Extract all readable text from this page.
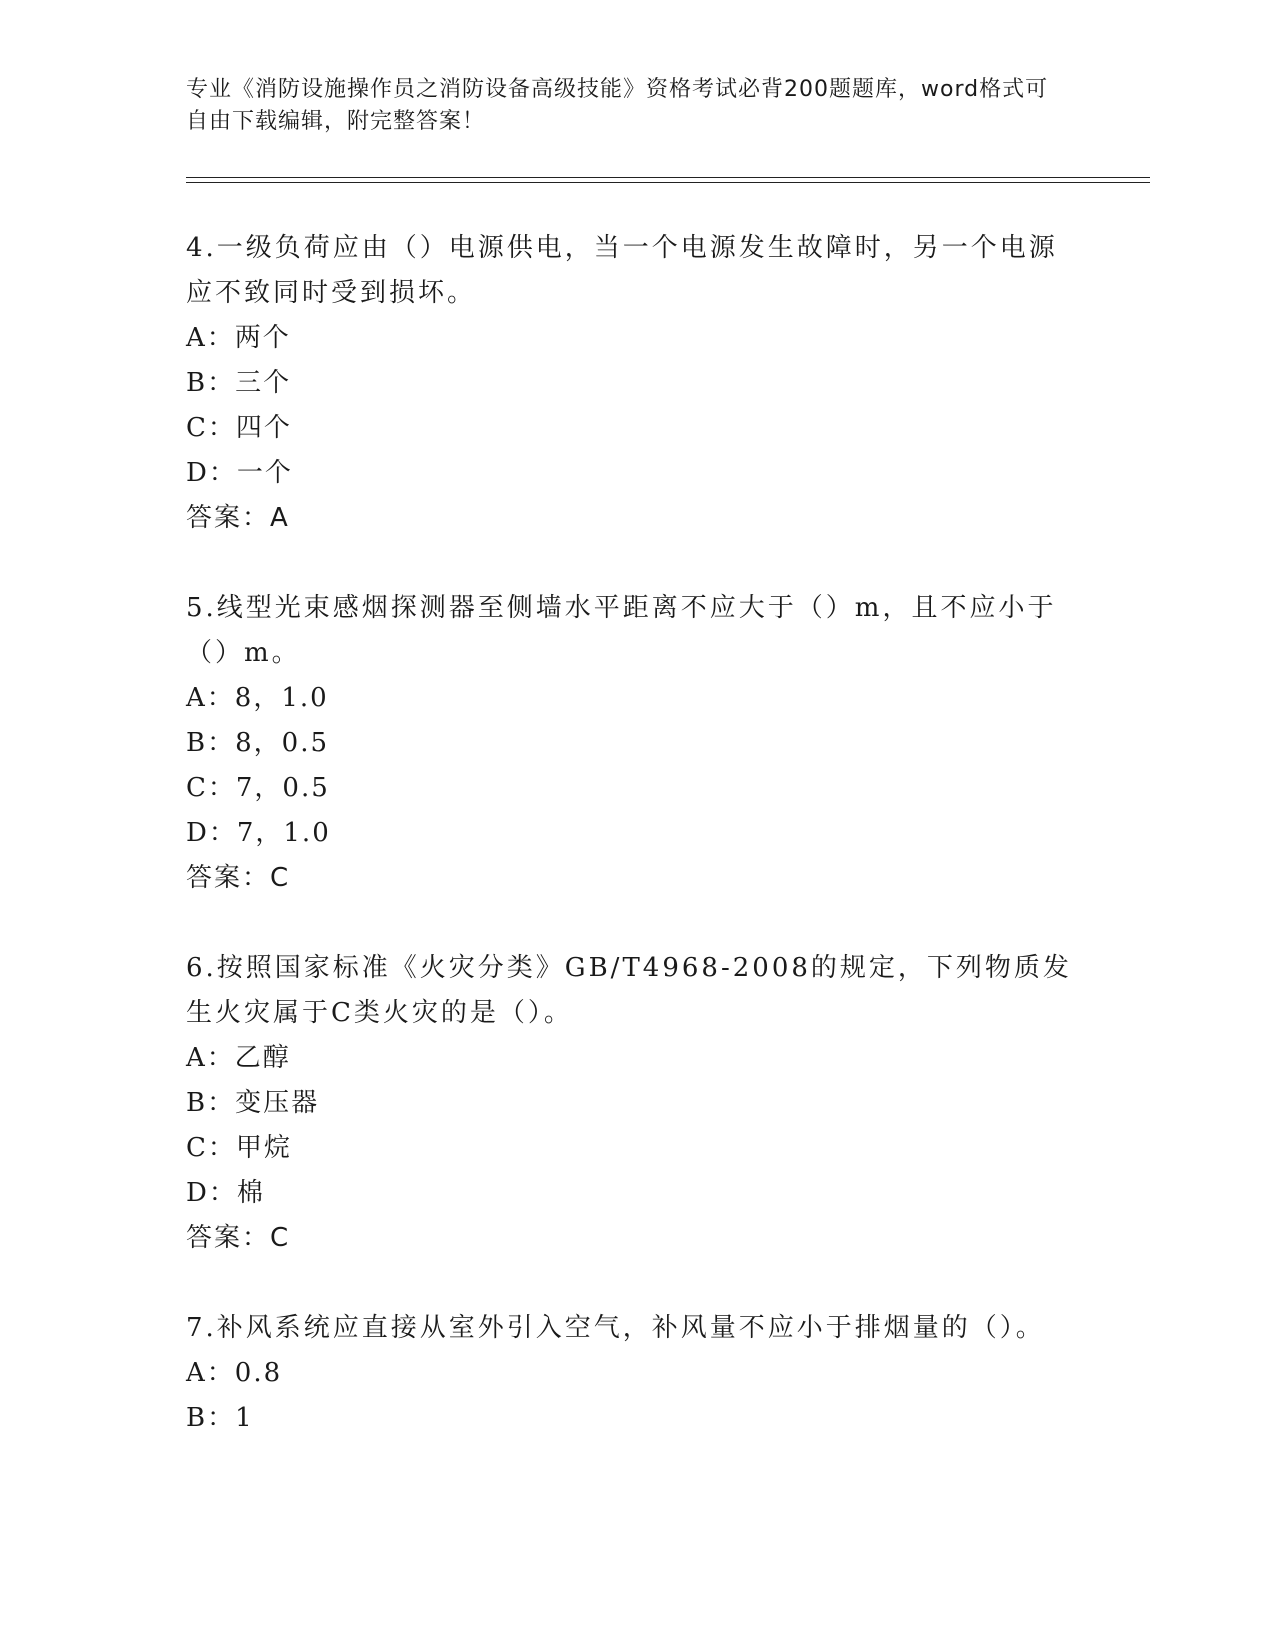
专业《消防设施操作员之消防设备高级技能》资格考试必背200题题库，word格式可自由下载编辑，附完整答案！

4.一级负荷应由（）电源供电，当一个电源发生故障时，另一个电源应不致同时受到损坏。

A：两个

B：三个

C：四个

D：一个

答案：A

5.线型光束感烟探测器至侧墙水平距离不应大于（）m，且不应小于（）m。

A：8，1.0

B：8，0.5

C：7，0.5

D：7，1.0

答案：C

6.按照国家标准《火灾分类》GB/T4968-2008的规定，下列物质发生火灾属于C类火灾的是（）。

A：乙醇

B：变压器

C：甲烷

D：棉

答案：C

7.补风系统应直接从室外引入空气，补风量不应小于排烟量的（）。

A：0.8

B：1
